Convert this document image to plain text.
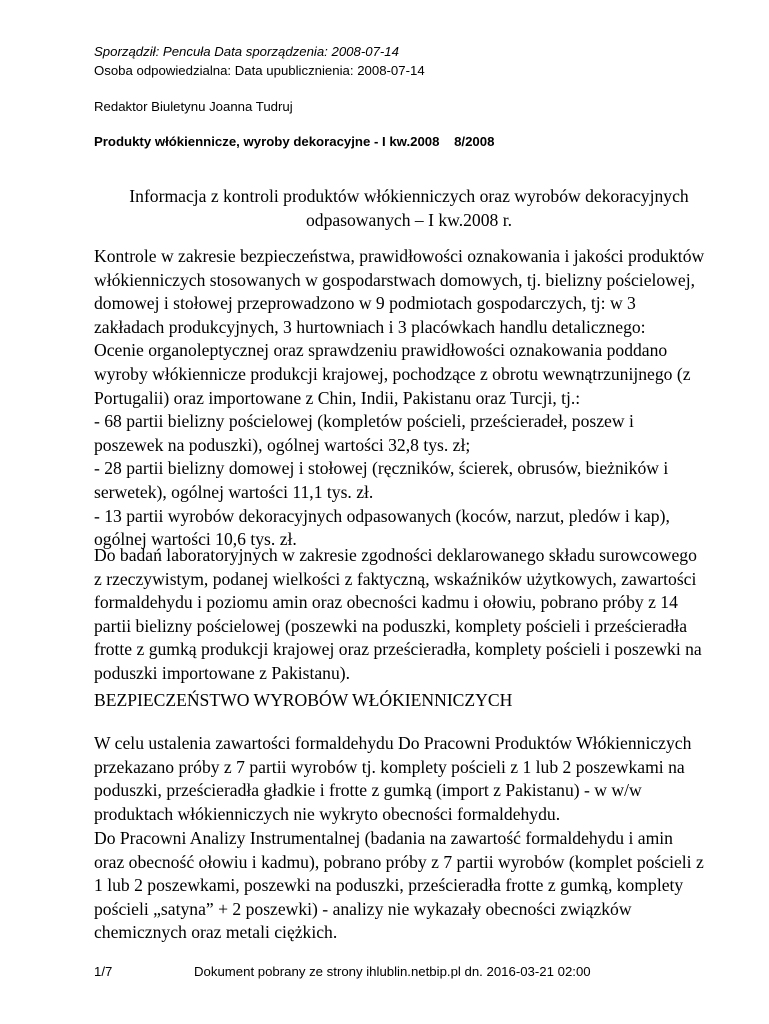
Sporządził: Pencuła Data sporządzenia: 2008-07-14
Osoba odpowiedzialna: Data upublicznienia: 2008-07-14
Redaktor Biuletynu Joanna Tudruj
Produkty włókiennicze, wyroby dekoracyjne - I kw.2008    8/2008
Informacja z kontroli produktów włókienniczych oraz wyrobów dekoracyjnych
odpasowanych – I kw.2008 r.
Kontrole w zakresie bezpieczeństwa, prawidłowości oznakowania i jakości produktów
włókienniczych stosowanych w gospodarstwach domowych, tj. bielizny pościelowej,
domowej i stołowej przeprowadzono w 9 podmiotach gospodarczych, tj: w 3
zakładach produkcyjnych, 3 hurtowniach i 3 placówkach handlu detalicznego:
Ocenie organoleptycznej oraz sprawdzeniu prawidłowości oznakowania poddano
wyroby włókiennicze produkcji krajowej, pochodzące z obrotu wewnątrzunijnego (z
Portugalii) oraz importowane z Chin, Indii, Pakistanu oraz Turcji, tj.:
- 68 partii bielizny pościelowej (kompletów pościeli, prześcieradeł, poszew i
poszewek na poduszki), ogólnej wartości 32,8 tys. zł;
- 28 partii bielizny domowej i stołowej (ręczników, ścierek, obrusów, bieżników i
serwetek), ogólnej wartości 11,1 tys. zł.
- 13 partii wyrobów dekoracyjnych odpasowanych (koców, narzut, pledów i kap),
ogólnej wartości 10,6 tys. zł.
Do badań laboratoryjnych w zakresie zgodności deklarowanego składu surowcowego
z rzeczywistym, podanej wielkości z faktyczną, wskaźników użytkowych, zawartości
formaldehydu i poziomu amin oraz obecności kadmu i ołowiu, pobrano próby z 14
partii bielizny pościelowej (poszewki na poduszki, komplety pościeli i prześcieradła
frotte z gumką produkcji krajowej oraz prześcieradła, komplety pościeli i poszewki na
poduszki importowane z Pakistanu).
BEZPIECZEŃSTWO WYROBÓW WŁÓKIENNICZYCH
W celu ustalenia zawartości formaldehydu Do Pracowni Produktów Włókienniczych
przekazano próby z 7 partii wyrobów tj. komplety pościeli z 1 lub 2 poszewkami na
poduszki, prześcieradła gładkie i frotte z gumką (import z Pakistanu) - w w/w
produktach włókienniczych nie wykryto obecności formaldehydu.
Do Pracowni Analizy Instrumentalnej (badania na zawartość formaldehydu i amin
oraz obecność ołowiu i kadmu), pobrano próby z 7 partii wyrobów (komplet pościeli z
1 lub 2 poszewkami, poszewki na poduszki, prześcieradła frotte z gumką, komplety
pościeli „satyna” + 2 poszewki) - analizy nie wykazały obecności związków
chemicznych oraz metali ciężkich.
1/7	Dokument pobrany ze strony ihlublin.netbip.pl dn. 2016-03-21 02:00
